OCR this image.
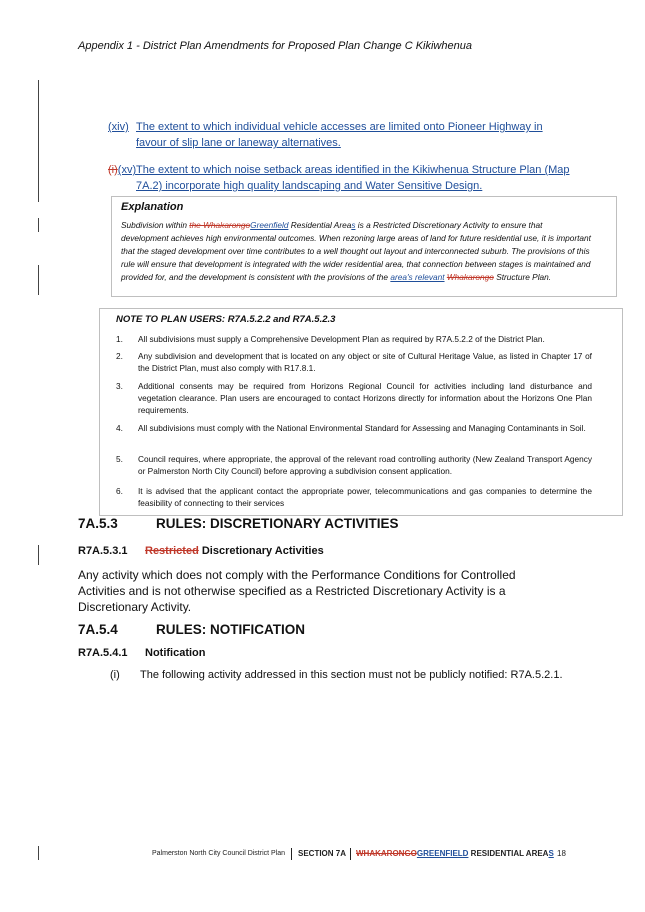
Appendix 1 - District Plan Amendments for Proposed Plan Change C Kikiwhenua
(xiv) The extent to which individual vehicle accesses are limited onto Pioneer Highway in favour of slip lane or laneway alternatives.
(i)(xv) The extent to which noise setback areas identified in the Kikiwhenua Structure Plan (Map 7A.2) incorporate high quality landscaping and Water Sensitive Design.
Explanation
Subdivision within the WhakarongoGreenfield Residential Areas is a Restricted Discretionary Activity to ensure that development achieves high environmental outcomes. When rezoning large areas of land for future residential use, it is important that the staged development over time contributes to a well thought out layout and interconnected suburb. The provisions of this rule will ensure that development is integrated with the wider residential area, that connection between stages is maintained and provided for, and the development is consistent with the provisions of the area's relevant Whakarongo Structure Plan.
NOTE TO PLAN USERS: R7A.5.2.2 and R7A.5.2.3
1.	All subdivisions must supply a Comprehensive Development Plan as required by R7A.5.2.2 of the District Plan.
2.	Any subdivision and development that is located on any object or site of Cultural Heritage Value, as listed in Chapter 17 of the District Plan, must also comply with R17.8.1.
3.	Additional consents may be required from Horizons Regional Council for activities including land disturbance and vegetation clearance. Plan users are encouraged to contact Horizons directly for information about the Horizons One Plan requirements.
4.	All subdivisions must comply with the National Environmental Standard for Assessing and Managing Contaminants in Soil.
5.	Council requires, where appropriate, the approval of the relevant road controlling authority (New Zealand Transport Agency or Palmerston North City Council) before approving a subdivision consent application.
6.	It is advised that the applicant contact the appropriate power, telecommunications and gas companies to determine the feasibility of connecting to their services
7A.5.3	RULES: DISCRETIONARY ACTIVITIES
R7A.5.3.1 Restricted Discretionary Activities
Any activity which does not comply with the Performance Conditions for Controlled Activities and is not otherwise specified as a Restricted Discretionary Activity is a Discretionary Activity.
7A.5.4	RULES: NOTIFICATION
R7A.5.4.1 Notification
(i) The following activity addressed in this section must not be publicly notified: R7A.5.2.1.
Palmerston North City Council District Plan SECTION 7A WHAKARONGOGREENFIELD RESIDENTIAL AREAS 18
